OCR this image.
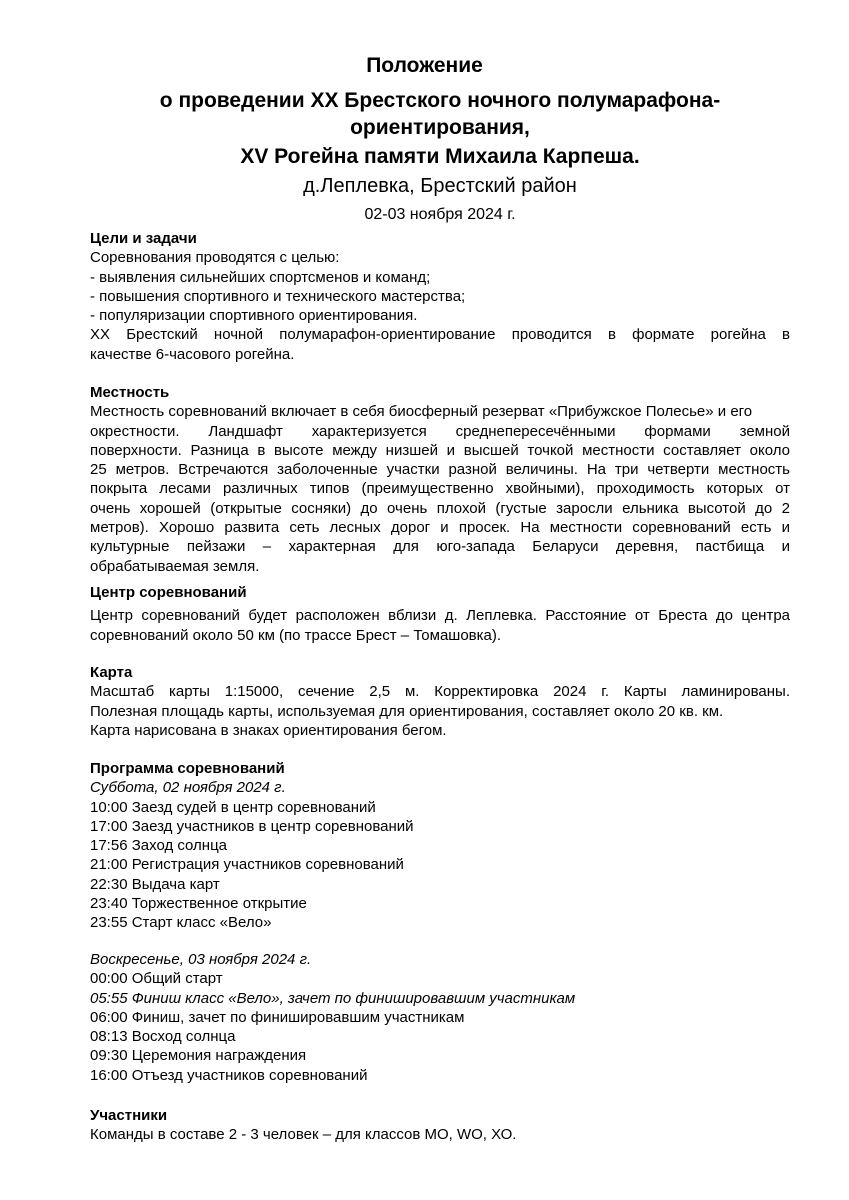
Положение
о проведении XX Брестского ночного полумарафона-
ориентирования,
XV Рогейна памяти Михаила Карпеша.
д.Леплевка, Брестский район
02-03 ноября 2024 г.
Цели и задачи
Соревнования проводятся с целью:
- выявления сильнейших спортсменов и команд;
- повышения спортивного и технического мастерства;
- популяризации спортивного ориентирования.
XX Брестский ночной полумарафон-ориентирование проводится в формате рогейна в
качестве 6-часового рогейна.
Местность
Местность соревнований включает в себя биосферный резерват «Прибужское Полесье» и его
окрестности. Ландшафт характеризуется среднепересечёнными формами земной
поверхности. Разница в высоте между низшей и высшей точкой местности составляет около
25 метров. Встречаются заболоченные участки разной величины. На три четверти местность
покрыта лесами различных типов (преимущественно хвойными), проходимость которых от
очень хорошей (открытые сосняки) до очень плохой (густые заросли ельника высотой до 2
метров). Хорошо развита сеть лесных дорог и просек. На местности соревнований есть и
культурные пейзажи – характерная для юго-запада Беларуси деревня, пастбища и
обрабатываемая земля.
Центр соревнований
Центр соревнований будет расположен вблизи д. Леплевка. Расстояние от Бреста до центра
соревнований около 50 км (по трассе Брест – Томашовка).
Карта
Масштаб карты 1:15000, сечение 2,5 м. Корректировка 2024 г. Карты ламинированы.
Полезная площадь карты, используемая для ориентирования, составляет около 20 кв. км.
Карта нарисована в знаках ориентирования бегом.
Программа соревнований
Суббота, 02 ноября 2024 г.
10:00 Заезд судей в центр соревнований
17:00 Заезд участников в центр соревнований
17:56 Заход солнца
21:00 Регистрация участников соревнований
22:30 Выдача карт
23:40 Торжественное открытие
23:55 Старт класс «Вело»
Воскресенье, 03 ноября 2024 г.
00:00 Общий старт
05:55 Финиш класс «Вело», зачет по финишировавшим участникам
06:00 Финиш, зачет по финишировавшим участникам
08:13 Восход солнца
09:30 Церемония награждения
16:00 Отъезд участников соревнований
Участники
Команды в составе 2 - 3 человек – для классов МО, WO, ХО.
